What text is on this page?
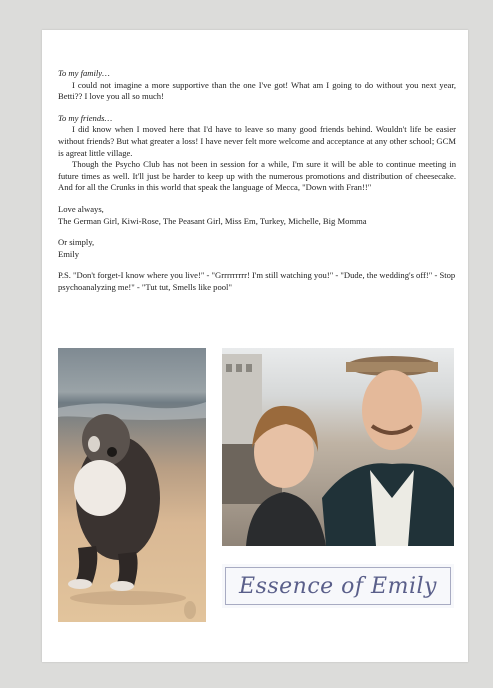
To my family…

I could not imagine a more supportive than the one I've got! What am I going to do without you next year, Betti?? I love you all so much!

To my friends…

I did know when I moved here that I'd have to leave so many good friends behind. Wouldn't life be easier without friends? But what greater a loss! I have never felt more welcome and acceptance at any other school; GCM is agreat little village.

Though the Psycho Club has not been in session for a while, I'm sure it will be able to continue meeting in future times as well. It'll just be harder to keep up with the numerous promotions and distribution of cheesecake. And for all the Crunks in this world that speak the language of Mecca, "Down with Fran!!"

Love always,

The German Girl, Kiwi-Rose, The Peasant Girl, Miss Em, Turkey, Michelle, Big Momma

Or simply,

Emily

P.S. "Don't forget-I know where you live!" - "Grrrrrrrrr! I'm still watching you!" - "Dude, the wedding's off!" - Stop psychoanalyzing me!" - "Tut tut, Smells like pool"

Essence of Emily
